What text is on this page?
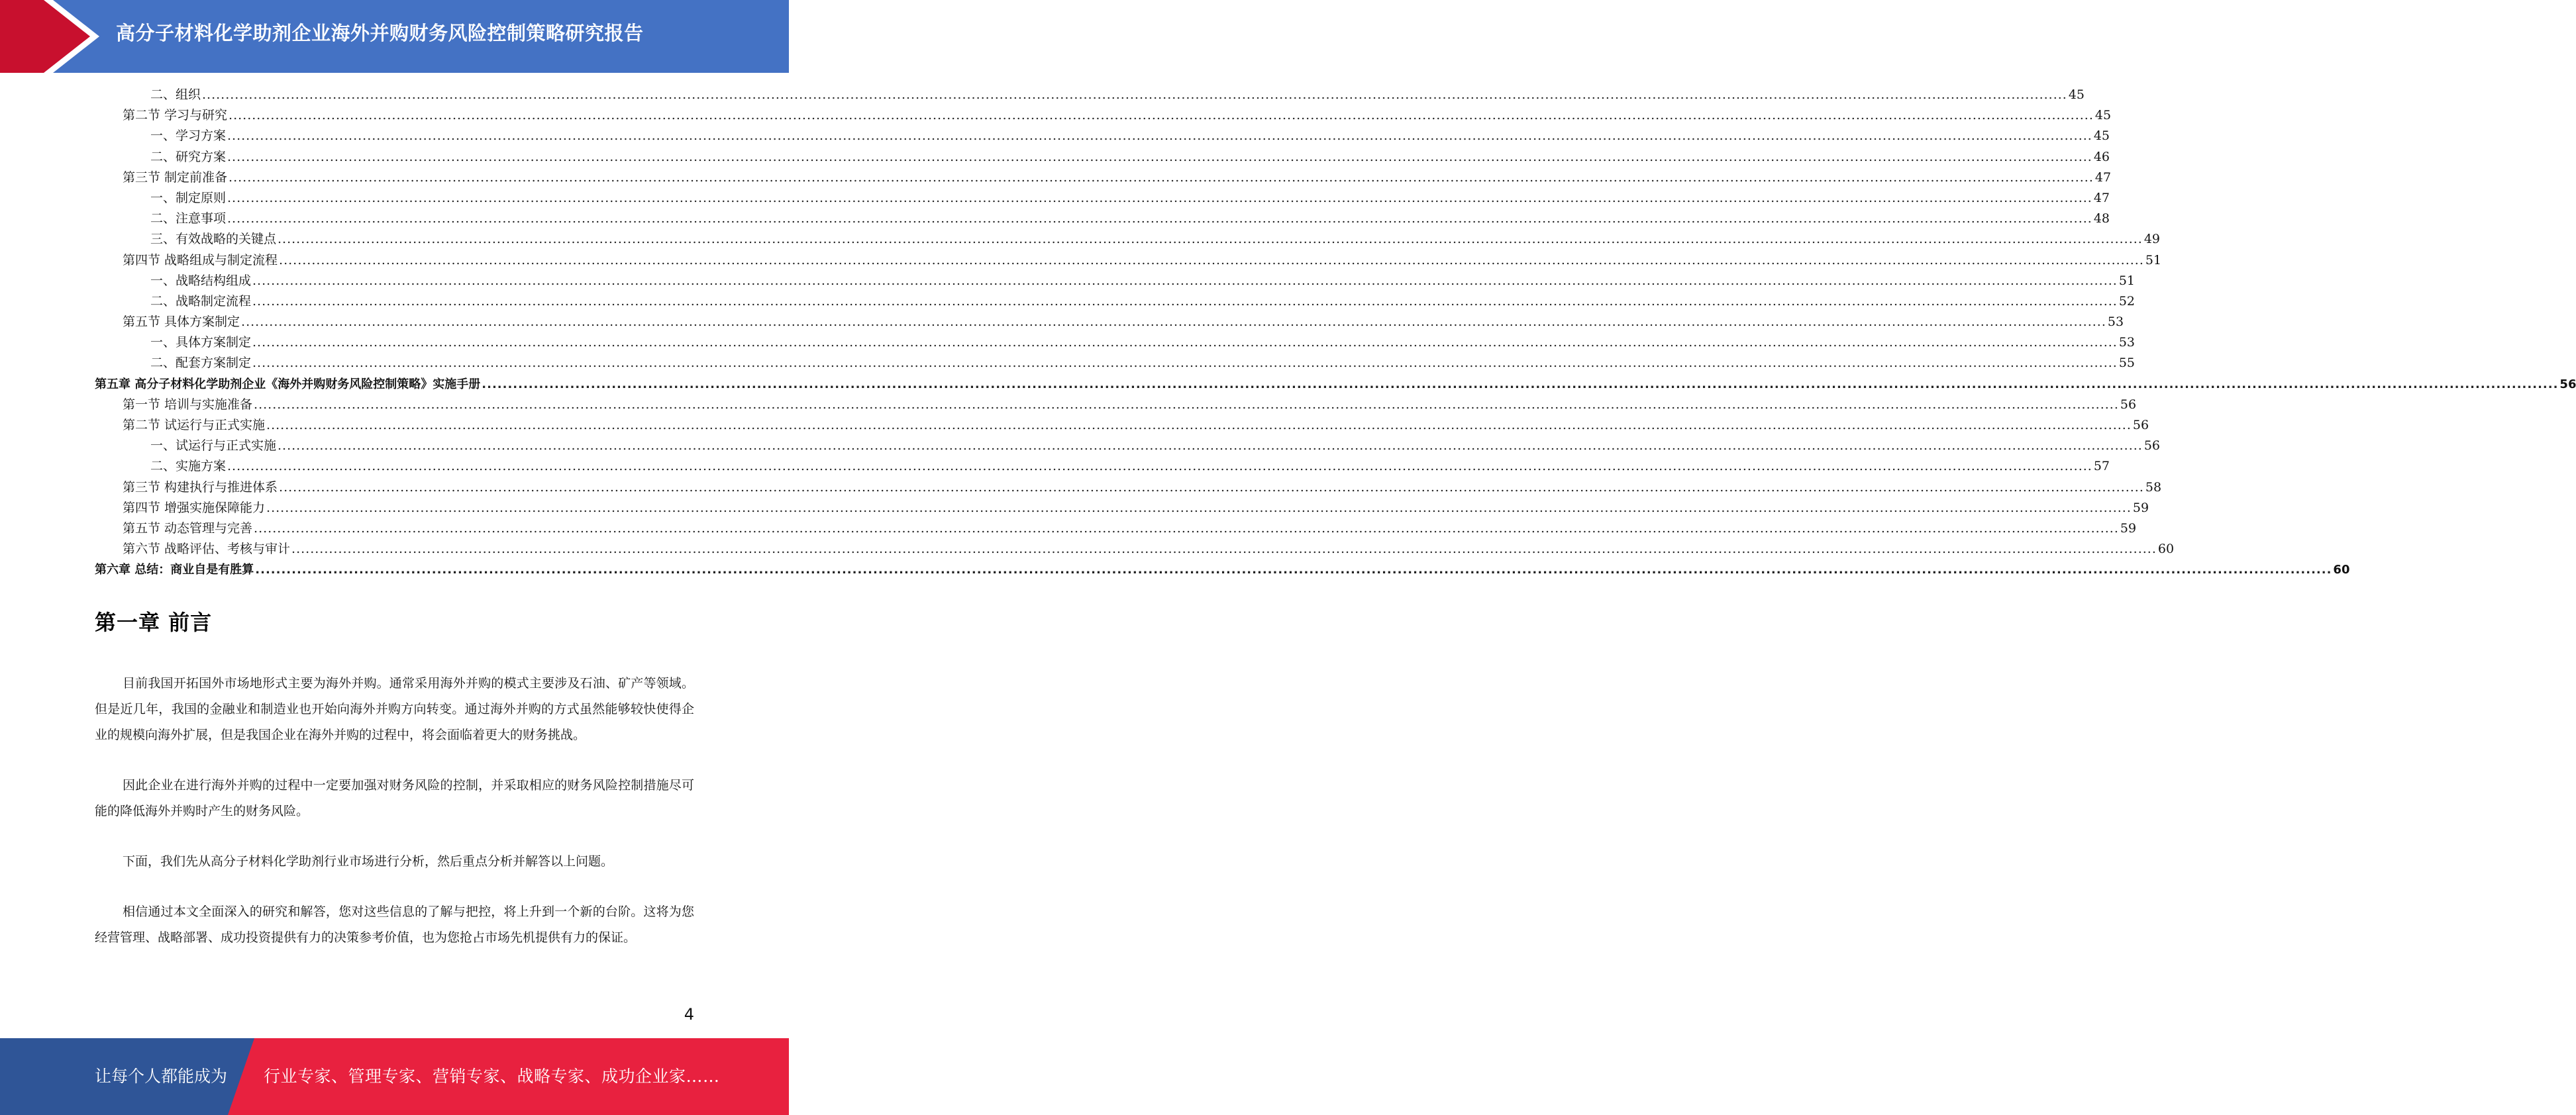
高分子材料化学助剂企业海外并购财务风险控制策略研究报告
二、组织 ................................................................................................................................................................................................................................................................................................................................................................................................................ 45
第二节 学习与研究 ................................................................................................................................................................................................................................................................................................................................................................................................................ 45
一、学习方案 ................................................................................................................................................................................................................................................................................................................................................................................................................ 45
二、研究方案 ................................................................................................................................................................................................................................................................................................................................................................................................................ 46
第三节 制定前准备 ................................................................................................................................................................................................................................................................................................................................................................................................................ 47
一、制定原则 ................................................................................................................................................................................................................................................................................................................................................................................................................ 47
二、注意事项 ................................................................................................................................................................................................................................................................................................................................................................................................................ 48
三、有效战略的关键点 ................................................................................................................................................................................................................................................................................................................................................................................................................ 49
第四节 战略组成与制定流程 ................................................................................................................................................................................................................................................................................................................................................................................................................ 51
一、战略结构组成 ................................................................................................................................................................................................................................................................................................................................................................................................................ 51
二、战略制定流程 ................................................................................................................................................................................................................................................................................................................................................................................................................ 52
第五节 具体方案制定 ................................................................................................................................................................................................................................................................................................................................................................................................................ 53
一、具体方案制定 ................................................................................................................................................................................................................................................................................................................................................................................................................ 53
二、配套方案制定 ................................................................................................................................................................................................................................................................................................................................................................................................................ 55
第五章 高分子材料化学助剂企业《海外并购财务风险控制策略》实施手册 ................................................................................................................................................................................................................................................................................................................................................................................................................ 56
第一节 培训与实施准备 ................................................................................................................................................................................................................................................................................................................................................................................................................ 56
第二节 试运行与正式实施 ................................................................................................................................................................................................................................................................................................................................................................................................................ 56
一、试运行与正式实施 ................................................................................................................................................................................................................................................................................................................................................................................................................ 56
二、实施方案 ................................................................................................................................................................................................................................................................................................................................................................................................................ 57
第三节 构建执行与推进体系 ................................................................................................................................................................................................................................................................................................................................................................................................................ 58
第四节 增强实施保障能力 ................................................................................................................................................................................................................................................................................................................................................................................................................ 59
第五节 动态管理与完善 ................................................................................................................................................................................................................................................................................................................................................................................................................ 59
第六节 战略评估、考核与审计 ................................................................................................................................................................................................................................................................................................................................................................................................................ 60
第六章 总结：商业自是有胜算 ................................................................................................................................................................................................................................................................................................................................................................................................................ 60
第一章 前言

目前我国开拓国外市场地形式主要为海外并购。通常采用海外并购的模式主要涉及石油、矿产等领域。但是近几年，我国的金融业和制造业也开始向海外并购方向转变。通过海外并购的方式虽然能够较快使得企业的规模向海外扩展，但是我国企业在海外并购的过程中，将会面临着更大的财务挑战。

因此企业在进行海外并购的过程中一定要加强对财务风险的控制，并采取相应的财务风险控制措施尽可能的降低海外并购时产生的财务风险。

下面，我们先从高分子材料化学助剂行业市场进行分析，然后重点分析并解答以上问题。

相信通过本文全面深入的研究和解答，您对这些信息的了解与把控，将上升到一个新的台阶。这将为您经营管理、战略部署、成功投资提供有力的决策参考价值，也为您抢占市场先机提供有力的保证。

4
让每个人都能成为 行业专家、管理专家、营销专家、战略专家、成功企业家……
